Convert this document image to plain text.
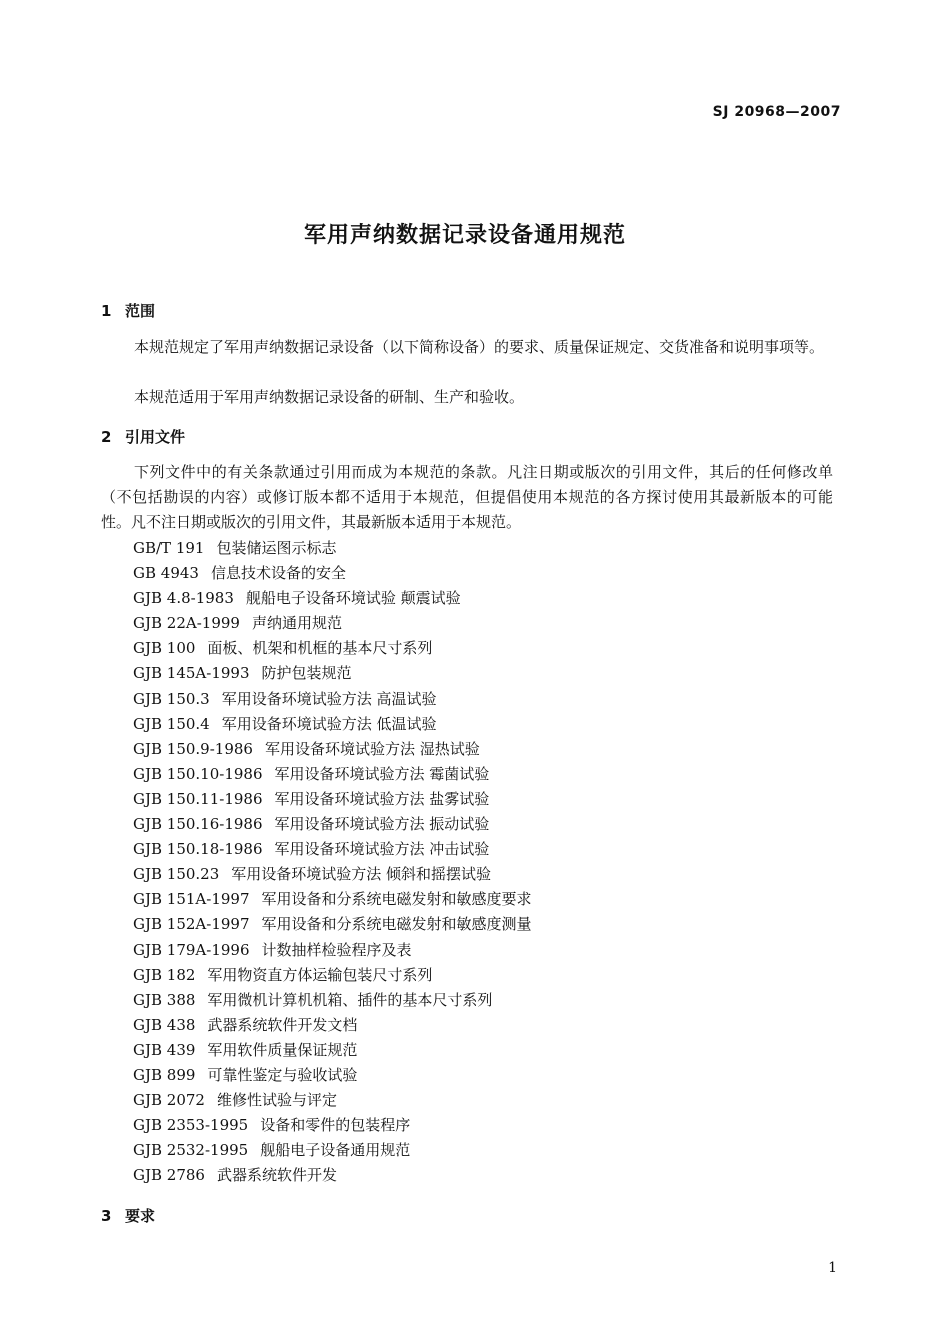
SJ 20968—2007
军用声纳数据记录设备通用规范
1 范围
本规范规定了军用声纳数据记录设备（以下简称设备）的要求、质量保证规定、交货准备和说明事项等。
本规范适用于军用声纳数据记录设备的研制、生产和验收。
2 引用文件
下列文件中的有关条款通过引用而成为本规范的条款。凡注日期或版次的引用文件，其后的任何修改单（不包括勘误的内容）或修订版本都不适用于本规范，但提倡使用本规范的各方探讨使用其最新版本的可能性。凡不注日期或版次的引用文件，其最新版本适用于本规范。
GB/T 191 包装储运图示标志
GB 4943 信息技术设备的安全
GJB 4.8-1983 舰船电子设备环境试验 颠震试验
GJB 22A-1999 声纳通用规范
GJB 100 面板、机架和机框的基本尺寸系列
GJB 145A-1993 防护包装规范
GJB 150.3 军用设备环境试验方法 高温试验
GJB 150.4 军用设备环境试验方法 低温试验
GJB 150.9-1986 军用设备环境试验方法 湿热试验
GJB 150.10-1986 军用设备环境试验方法 霉菌试验
GJB 150.11-1986 军用设备环境试验方法 盐雾试验
GJB 150.16-1986 军用设备环境试验方法 振动试验
GJB 150.18-1986 军用设备环境试验方法 冲击试验
GJB 150.23 军用设备环境试验方法 倾斜和摇摆试验
GJB 151A-1997 军用设备和分系统电磁发射和敏感度要求
GJB 152A-1997 军用设备和分系统电磁发射和敏感度测量
GJB 179A-1996 计数抽样检验程序及表
GJB 182 军用物资直方体运输包装尺寸系列
GJB 388 军用微机计算机机箱、插件的基本尺寸系列
GJB 438 武器系统软件开发文档
GJB 439 军用软件质量保证规范
GJB 899 可靠性鉴定与验收试验
GJB 2072 维修性试验与评定
GJB 2353-1995 设备和零件的包装程序
GJB 2532-1995 舰船电子设备通用规范
GJB 2786 武器系统软件开发
3 要求
1
